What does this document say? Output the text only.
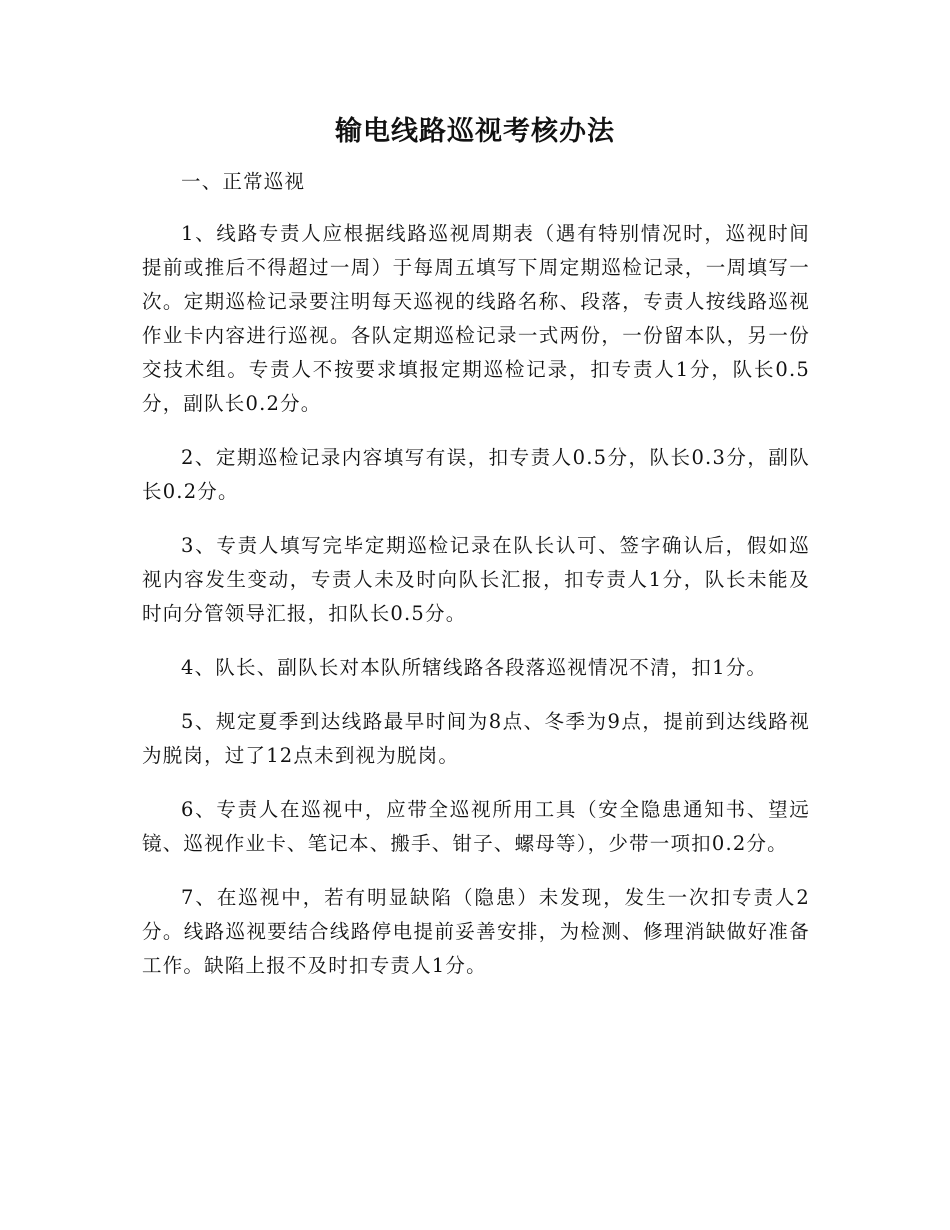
输电线路巡视考核办法

一、正常巡视

1、线路专责人应根据线路巡视周期表（遇有特别情况时，巡视时间提前或推后不得超过一周）于每周五填写下周定期巡检记录，一周填写一次。定期巡检记录要注明每天巡视的线路名称、段落，专责人按线路巡视作业卡内容进行巡视。各队定期巡检记录一式两份，一份留本队，另一份交技术组。专责人不按要求填报定期巡检记录，扣专责人1分，队长0.5分，副队长0.2分。

2、定期巡检记录内容填写有误，扣专责人0.5分，队长0.3分，副队长0.2分。

3、专责人填写完毕定期巡检记录在队长认可、签字确认后，假如巡视内容发生变动，专责人未及时向队长汇报，扣专责人1分，队长未能及时向分管领导汇报，扣队长0.5分。

4、队长、副队长对本队所辖线路各段落巡视情况不清，扣1分。

5、规定夏季到达线路最早时间为8点、冬季为9点，提前到达线路视为脱岗，过了12点未到视为脱岗。

6、专责人在巡视中，应带全巡视所用工具（安全隐患通知书、望远镜、巡视作业卡、笔记本、搬手、钳子、螺母等），少带一项扣0.2分。

7、在巡视中，若有明显缺陷（隐患）未发现，发生一次扣专责人2分。线路巡视要结合线路停电提前妥善安排，为检测、修理消缺做好准备工作。缺陷上报不及时扣专责人1分。
